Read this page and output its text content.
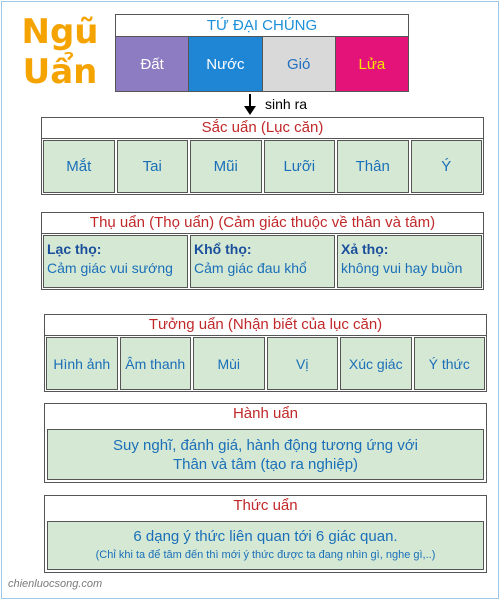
Ngũ
Uẩn
TỨ ĐẠI CHÚNG
Đất	Nước	Gió	Lửa
sinh ra
Sắc uẩn (Lục căn)
Mắt	Tai	Mũi	Lưỡi	Thân	Ý
Thụ uẩn (Thọ uẩn) (Cảm giác thuộc về thân và tâm)
Lạc thọ:
Cảm giác vui sướng
Khổ thọ:
Cảm giác đau khổ
Xả thọ:
không vui hay buồn
Tưởng uẩn (Nhận biết của lục căn)
Hình ảnh	Âm thanh	Mùi	Vị	Xúc giác	Ý thức
Hành uẩn
Suy nghĩ, đánh giá, hành động tương ứng với
Thân và tâm (tạo ra nghiệp)
Thức uẩn
6 dạng ý thức liên quan tới 6 giác quan.
(Chỉ khi ta để tâm đến thì mới ý thức được ta đang nhìn gì, nghe gì,..)
chienluocsong.com
